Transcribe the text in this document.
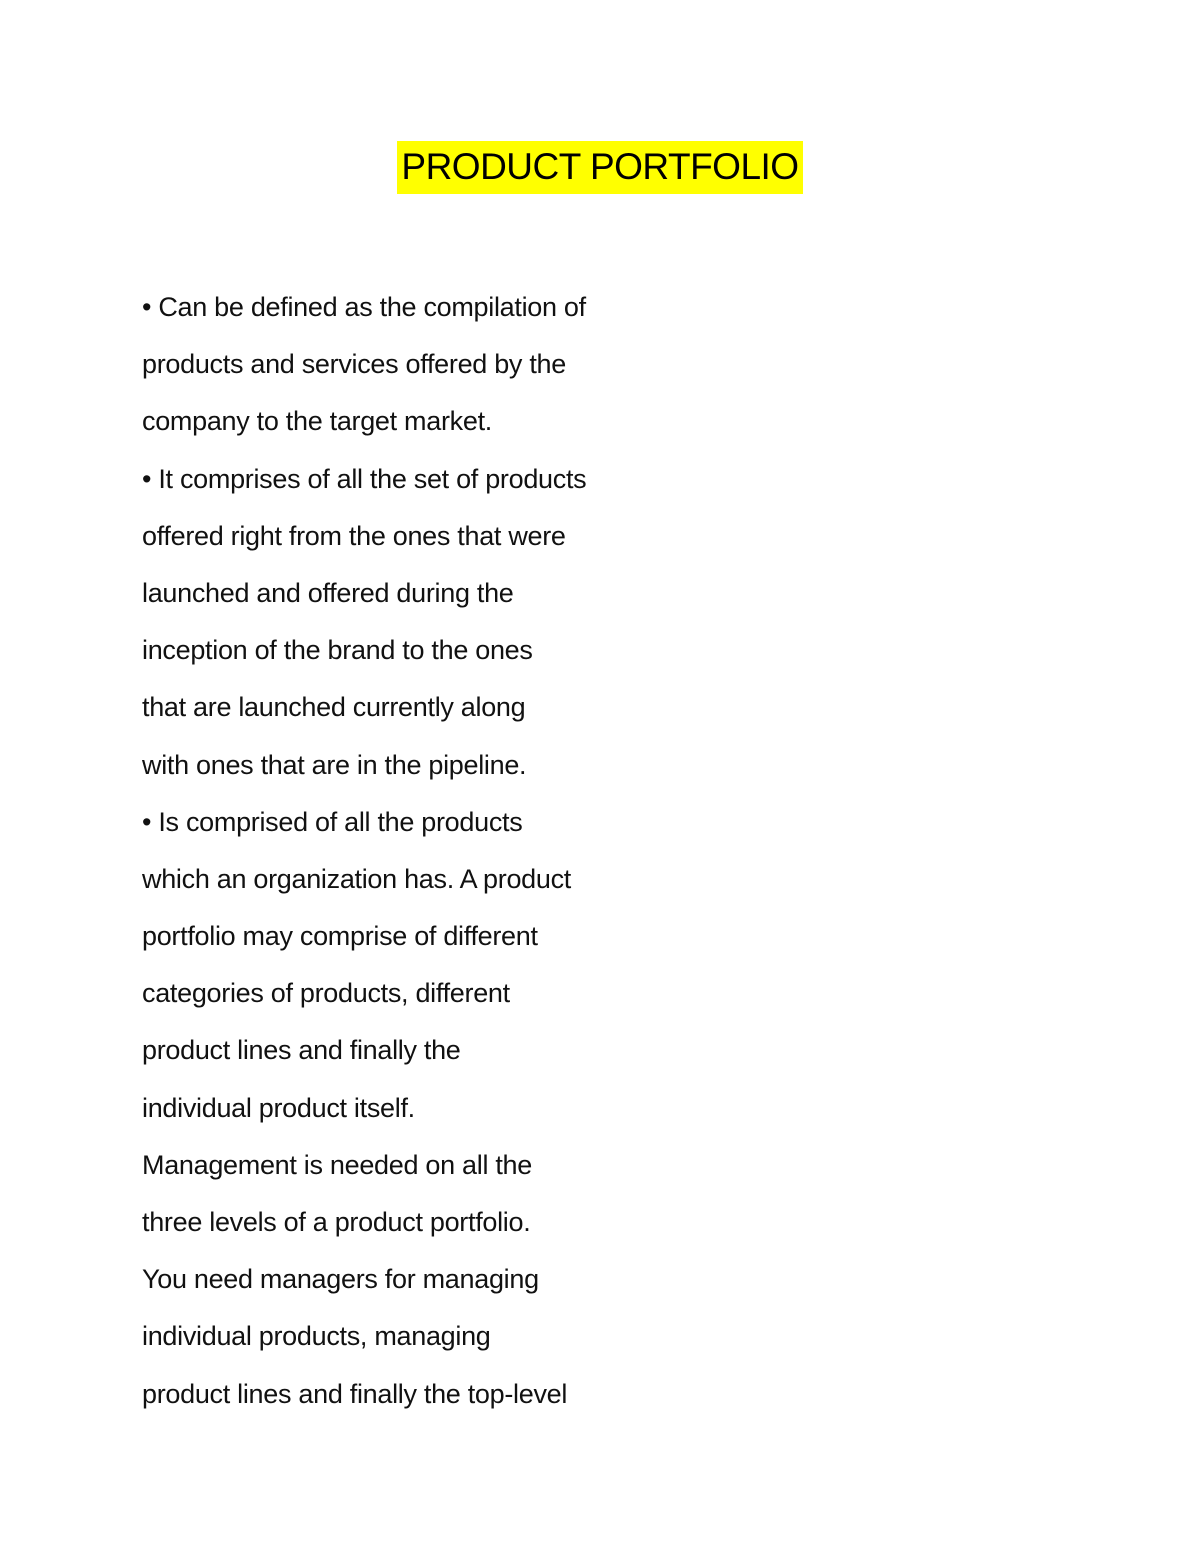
PRODUCT PORTFOLIO
• Can be defined as the compilation of
products and services offered by the
company to the target market.
• It comprises of all the set of products
offered right from the ones that were
launched and offered during the
inception of the brand to the ones
that are launched currently along
with ones that are in the pipeline.
• Is comprised of all the products
which an organization has. A product
portfolio may comprise of different
categories of products, different
product lines and finally the
individual product itself.
Management is needed on all the
three levels of a product portfolio.
You need managers for managing
individual products, managing
product lines and finally the top-level
